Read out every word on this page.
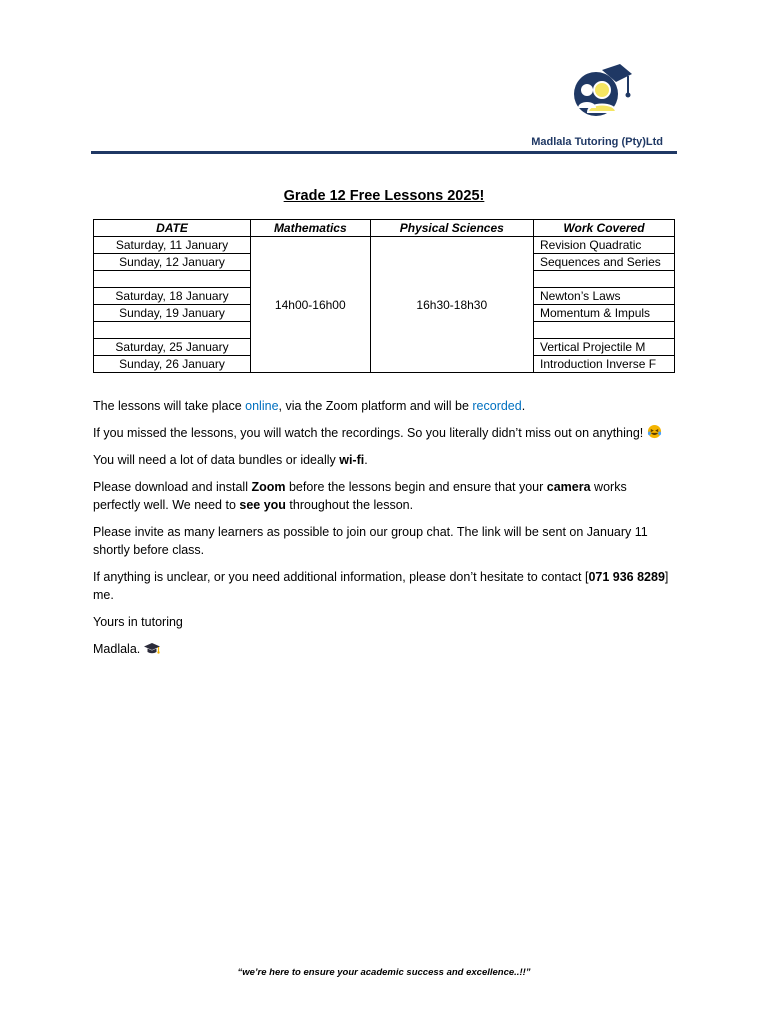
Madlala Tutoring (Pty)Ltd
Grade 12 Free Lessons 2025!
DATE	Mathematics	Physical Sciences	Work Covered
Saturday, 11 January	14h00-16h00	16h30-18h30	Revision Quadratic
Sunday, 12 January			Sequences and Series

Saturday, 18 January			Newton’s Laws
Sunday, 19 January			Momentum & Impuls

Saturday, 25 January			Vertical Projectile M
Sunday, 26 January			Introduction Inverse F

The lessons will take place online, via the Zoom platform and will be recorded.

If you missed the lessons, you will watch the recordings. So you literally didn’t miss out on anything!

You will need a lot of data bundles or ideally wi-fi.

Please download and install Zoom before the lessons begin and ensure that your camera works perfectly well. We need to see you throughout the lesson.

Please invite as many learners as possible to join our group chat. The link will be sent on January 11 shortly before class.

If anything is unclear, or you need additional information, please don’t hesitate to contact [071 936 8289] me.

Yours in tutoring

Madlala.

“we’re here to ensure your academic success and excellence..!!”
